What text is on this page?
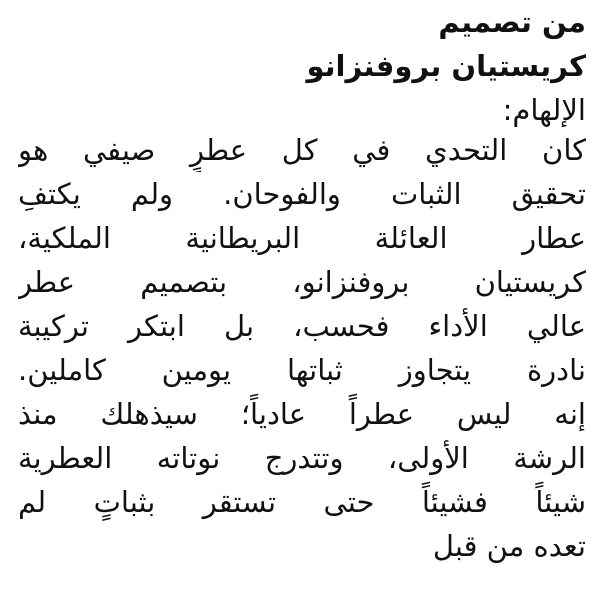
من تصميم

كريستيان بروفنزانو

الإلهام:

كان التحدي في كل عطرٍ صيفي هو

تحقيق الثبات والفوحان. ولم يكتفِ

عطار العائلة البريطانية الملكية،

كريستيان بروفنزانو، بتصميم عطر

عالي الأداء فحسب، بل ابتكر تركيبة

نادرة يتجاوز ثباتها يومين كاملين.

إنه ليس عطراً عادياً؛ سيذهلك منذ

الرشة الأولى، وتتدرج نوتاته العطرية

شيئاً فشيئاً حتى تستقر بثباتٍ لم

تعده من قبل
